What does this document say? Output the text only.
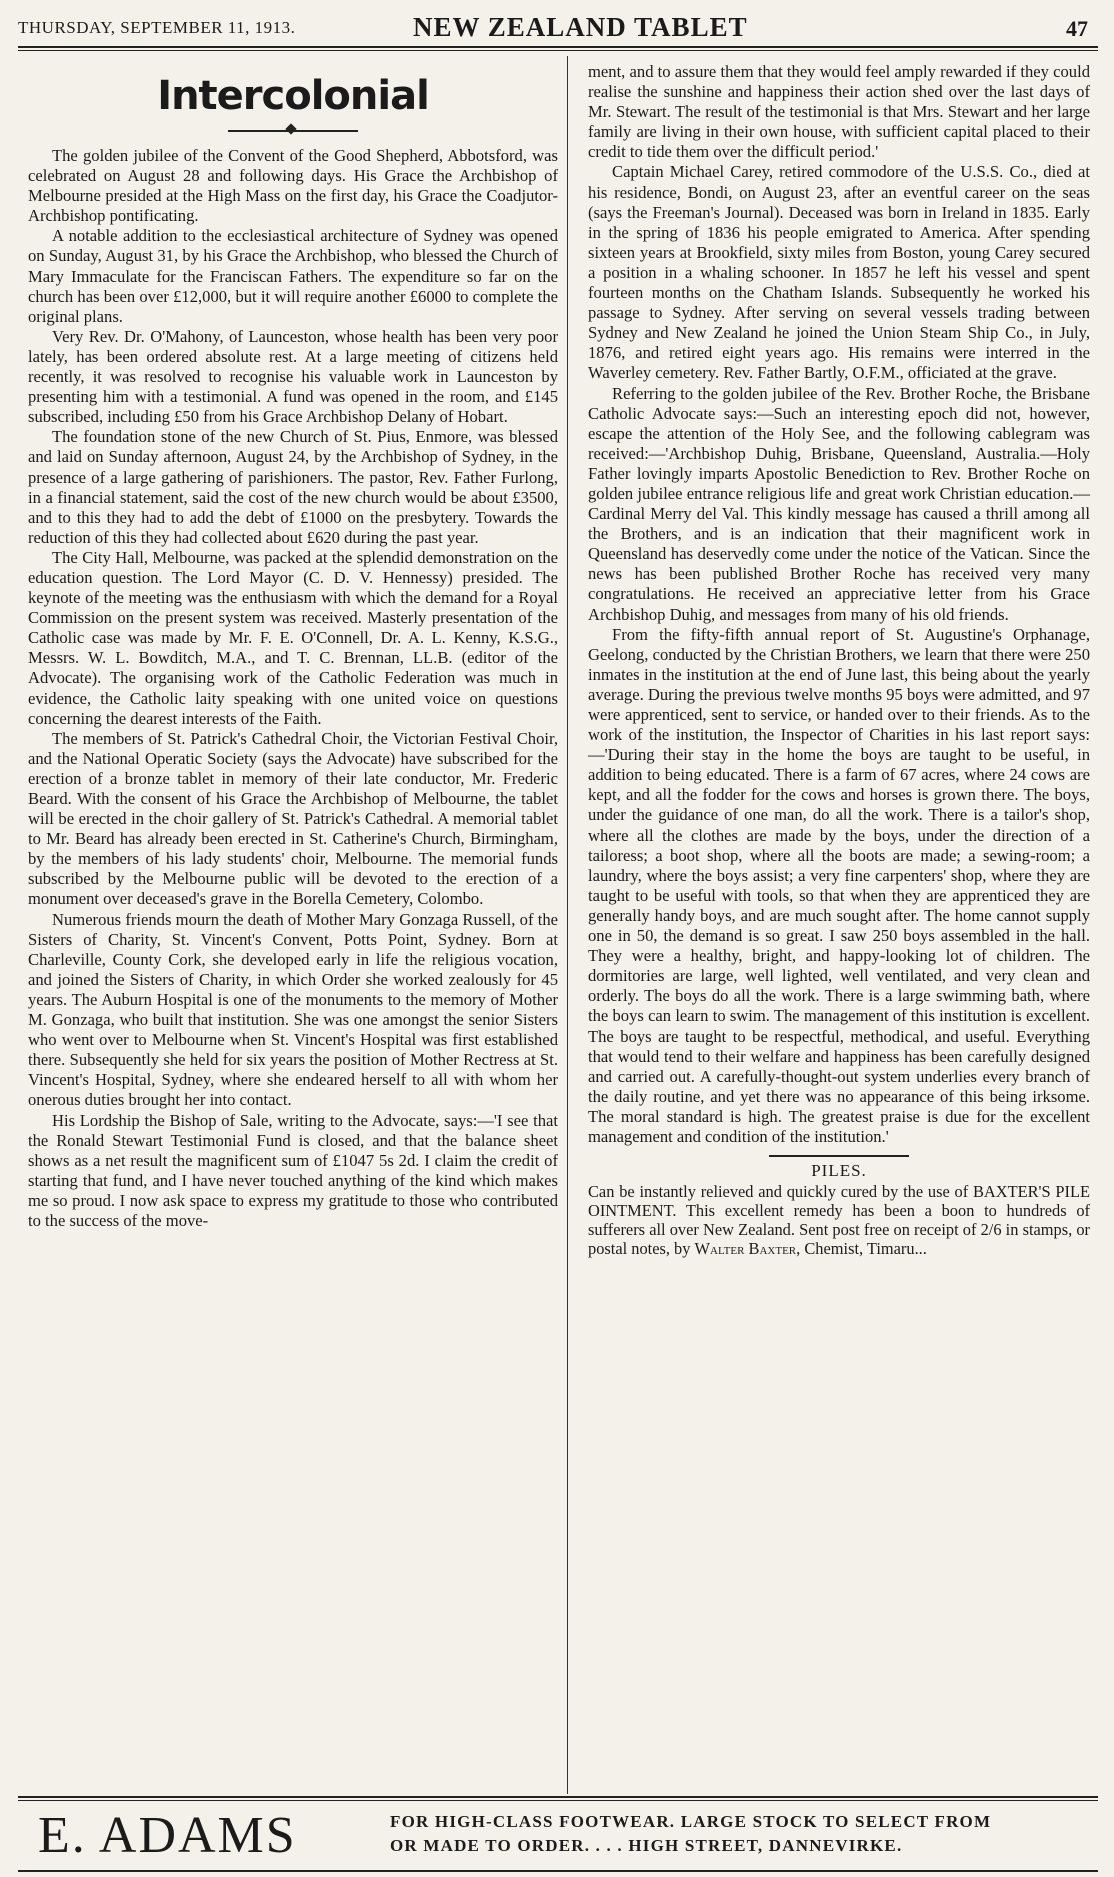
THURSDAY, SEPTEMBER 11, 1913.	NEW ZEALAND TABLET	47
Intercolonial

The golden jubilee of the Convent of the Good Shepherd, Abbotsford, was celebrated on August 28 and following days. His Grace the Archbishop of Melbourne presided at the High Mass on the first day, his Grace the Coadjutor-Archbishop pontificating.

A notable addition to the ecclesiastical architecture of Sydney was opened on Sunday, August 31, by his Grace the Archbishop, who blessed the Church of Mary Immaculate for the Franciscan Fathers. The expenditure so far on the church has been over £12,000, but it will require another £6000 to complete the original plans.

Very Rev. Dr. O'Mahony, of Launceston, whose health has been very poor lately, has been ordered absolute rest. At a large meeting of citizens held recently, it was resolved to recognise his valuable work in Launceston by presenting him with a testimonial. A fund was opened in the room, and £145 subscribed, including £50 from his Grace Archbishop Delany of Hobart.

The foundation stone of the new Church of St. Pius, Enmore, was blessed and laid on Sunday afternoon, August 24, by the Archbishop of Sydney, in the presence of a large gathering of parishioners. The pastor, Rev. Father Furlong, in a financial statement, said the cost of the new church would be about £3500, and to this they had to add the debt of £1000 on the presbytery. Towards the reduction of this they had collected about £620 during the past year.

The City Hall, Melbourne, was packed at the splendid demonstration on the education question. The Lord Mayor (C. D. V. Hennessy) presided. The keynote of the meeting was the enthusiasm with which the demand for a Royal Commission on the present system was received. Masterly presentation of the Catholic case was made by Mr. F. E. O'Connell, Dr. A. L. Kenny, K.S.G., Messrs. W. L. Bowditch, M.A., and T. C. Brennan, LL.B. (editor of the Advocate). The organising work of the Catholic Federation was much in evidence, the Catholic laity speaking with one united voice on questions concerning the dearest interests of the Faith.

The members of St. Patrick's Cathedral Choir, the Victorian Festival Choir, and the National Operatic Society (says the Advocate) have subscribed for the erection of a bronze tablet in memory of their late conductor, Mr. Frederic Beard. With the consent of his Grace the Archbishop of Melbourne, the tablet will be erected in the choir gallery of St. Patrick's Cathedral. A memorial tablet to Mr. Beard has already been erected in St. Catherine's Church, Birmingham, by the members of his lady students' choir, Melbourne. The memorial funds subscribed by the Melbourne public will be devoted to the erection of a monument over deceased's grave in the Borella Cemetery, Colombo.

Numerous friends mourn the death of Mother Mary Gonzaga Russell, of the Sisters of Charity, St. Vincent's Convent, Potts Point, Sydney. Born at Charleville, County Cork, she developed early in life the religious vocation, and joined the Sisters of Charity, in which Order she worked zealously for 45 years. The Auburn Hospital is one of the monuments to the memory of Mother M. Gonzaga, who built that institution. She was one amongst the senior Sisters who went over to Melbourne when St. Vincent's Hospital was first established there. Subsequently she held for six years the position of Mother Rectress at St. Vincent's Hospital, Sydney, where she endeared herself to all with whom her onerous duties brought her into contact.

His Lordship the Bishop of Sale, writing to the Advocate, says:—'I see that the Ronald Stewart Testimonial Fund is closed, and that the balance sheet shows as a net result the magnificent sum of £1047 5s 2d. I claim the credit of starting that fund, and I have never touched anything of the kind which makes me so proud. I now ask space to express my gratitude to those who contributed to the success of the move-

ment, and to assure them that they would feel amply rewarded if they could realise the sunshine and happiness their action shed over the last days of Mr. Stewart. The result of the testimonial is that Mrs. Stewart and her large family are living in their own house, with sufficient capital placed to their credit to tide them over the difficult period.'

Captain Michael Carey, retired commodore of the U.S.S. Co., died at his residence, Bondi, on August 23, after an eventful career on the seas (says the Freeman's Journal). Deceased was born in Ireland in 1835. Early in the spring of 1836 his people emigrated to America. After spending sixteen years at Brookfield, sixty miles from Boston, young Carey secured a position in a whaling schooner. In 1857 he left his vessel and spent fourteen months on the Chatham Islands. Subsequently he worked his passage to Sydney. After serving on several vessels trading between Sydney and New Zealand he joined the Union Steam Ship Co., in July, 1876, and retired eight years ago. His remains were interred in the Waverley cemetery. Rev. Father Bartly, O.F.M., officiated at the grave.

Referring to the golden jubilee of the Rev. Brother Roche, the Brisbane Catholic Advocate says:—Such an interesting epoch did not, however, escape the attention of the Holy See, and the following cablegram was received:—'Archbishop Duhig, Brisbane, Queensland, Australia.—Holy Father lovingly imparts Apostolic Benediction to Rev. Brother Roche on golden jubilee entrance religious life and great work Christian education.—Cardinal Merry del Val. This kindly message has caused a thrill among all the Brothers, and is an indication that their magnificent work in Queensland has deservedly come under the notice of the Vatican. Since the news has been published Brother Roche has received very many congratulations. He received an appreciative letter from his Grace Archbishop Duhig, and messages from many of his old friends.

From the fifty-fifth annual report of St. Augustine's Orphanage, Geelong, conducted by the Christian Brothers, we learn that there were 250 inmates in the institution at the end of June last, this being about the yearly average. During the previous twelve months 95 boys were admitted, and 97 were apprenticed, sent to service, or handed over to their friends. As to the work of the institution, the Inspector of Charities in his last report says:—'During their stay in the home the boys are taught to be useful, in addition to being educated. There is a farm of 67 acres, where 24 cows are kept, and all the fodder for the cows and horses is grown there. The boys, under the guidance of one man, do all the work. There is a tailor's shop, where all the clothes are made by the boys, under the direction of a tailoress; a boot shop, where all the boots are made; a sewing-room; a laundry, where the boys assist; a very fine carpenters' shop, where they are taught to be useful with tools, so that when they are apprenticed they are generally handy boys, and are much sought after. The home cannot supply one in 50, the demand is so great. I saw 250 boys assembled in the hall. They were a healthy, bright, and happy-looking lot of children. The dormitories are large, well lighted, well ventilated, and very clean and orderly. The boys do all the work. There is a large swimming bath, where the boys can learn to swim. The management of this institution is excellent. The boys are taught to be respectful, methodical, and useful. Everything that would tend to their welfare and happiness has been carefully designed and carried out. A carefully-thought-out system underlies every branch of the daily routine, and yet there was no appearance of this being irksome. The moral standard is high. The greatest praise is due for the excellent management and condition of the institution.'

PILES.

Can be instantly relieved and quickly cured by the use of BAXTER'S PILE OINTMENT. This excellent remedy has been a boon to hundreds of sufferers all over New Zealand. Sent post free on receipt of 2/6 in stamps, or postal notes, by Walter Baxter, Chemist, Timaru...

E. ADAMS	FOR HIGH-CLASS FOOTWEAR. LARGE STOCK TO SELECT FROM
OR MADE TO ORDER. . . . HIGH STREET, DANNEVIRKE.
